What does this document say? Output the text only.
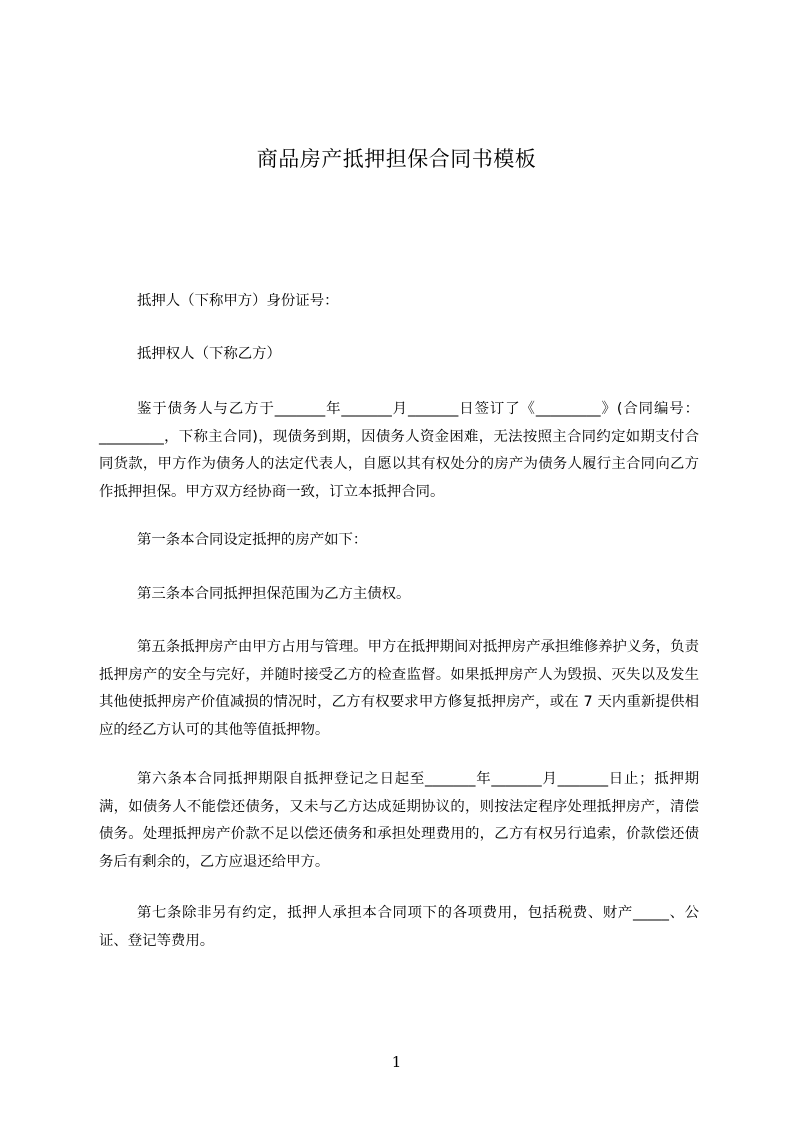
商品房产抵押担保合同书模板

抵押人（下称甲方）身份证号：

抵押权人（下称乙方）

鉴于债务人与乙方于_______年_______月_______日签订了《_________》(合同编号：_________，下称主合同)，现债务到期，因债务人资金困难，无法按照主合同约定如期支付合同货款，甲方作为债务人的法定代表人，自愿以其有权处分的房产为债务人履行主合同向乙方作抵押担保。甲方双方经协商一致，订立本抵押合同。

第一条本合同设定抵押的房产如下：

第三条本合同抵押担保范围为乙方主债权。

第五条抵押房产由甲方占用与管理。甲方在抵押期间对抵押房产承担维修养护义务，负责抵押房产的安全与完好，并随时接受乙方的检查监督。如果抵押房产人为毁损、灭失以及发生其他使抵押房产价值减损的情况时，乙方有权要求甲方修复抵押房产，或在 7 天内重新提供相应的经乙方认可的其他等值抵押物。

第六条本合同抵押期限自抵押登记之日起至_______年_______月_______日止；抵押期满，如债务人不能偿还债务，又未与乙方达成延期协议的，则按法定程序处理抵押房产，清偿债务。处理抵押房产价款不足以偿还债务和承担处理费用的，乙方有权另行追索，价款偿还债务后有剩余的，乙方应退还给甲方。

第七条除非另有约定，抵押人承担本合同项下的各项费用，包括税费、财产_____、公证、登记等费用。

1
